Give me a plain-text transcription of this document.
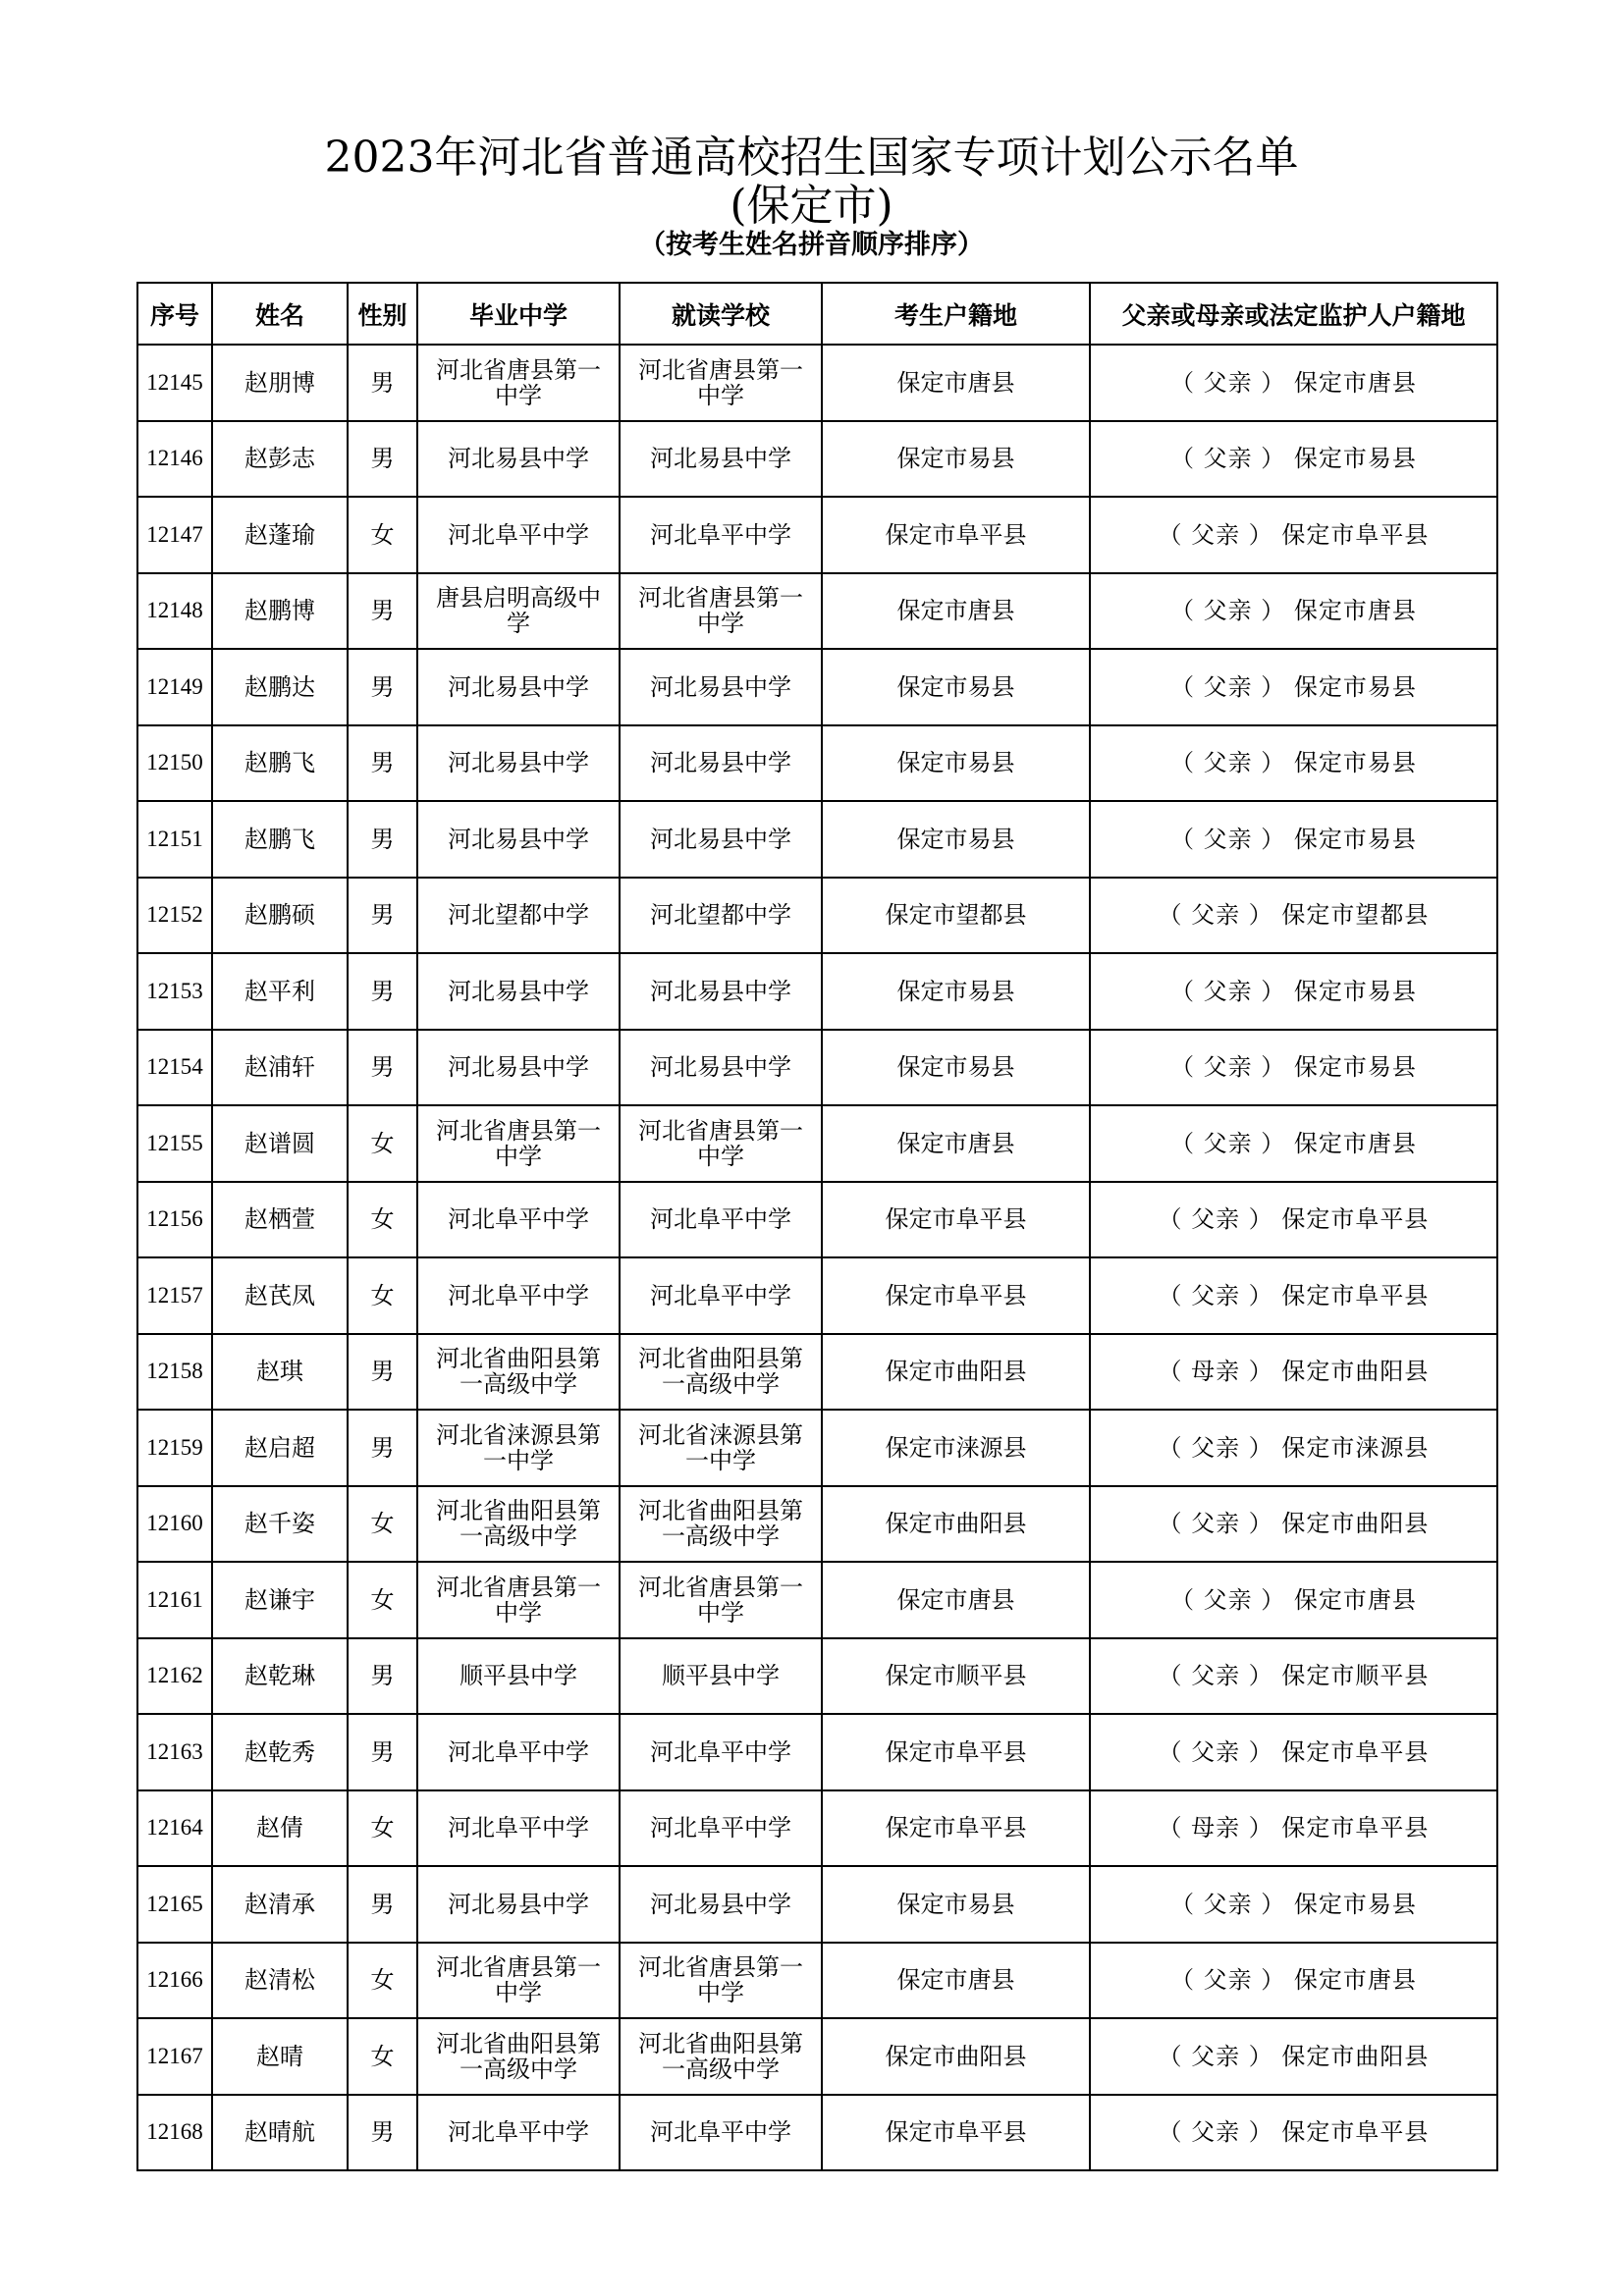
2023年河北省普通高校招生国家专项计划公示名单
(保定市)
（按考生姓名拼音顺序排序）
序号	姓名	性别	毕业中学	就读学校	考生户籍地	父亲或母亲或法定监护人户籍地
12145	赵朋博	男	河北省唐县第一中学	河北省唐县第一中学	保定市唐县	（ 父亲 ） 保定市唐县
12146	赵彭志	男	河北易县中学	河北易县中学	保定市易县	（ 父亲 ） 保定市易县
12147	赵蓬瑜	女	河北阜平中学	河北阜平中学	保定市阜平县	（ 父亲 ） 保定市阜平县
12148	赵鹏博	男	唐县启明高级中学	河北省唐县第一中学	保定市唐县	（ 父亲 ） 保定市唐县
12149	赵鹏达	男	河北易县中学	河北易县中学	保定市易县	（ 父亲 ） 保定市易县
12150	赵鹏飞	男	河北易县中学	河北易县中学	保定市易县	（ 父亲 ） 保定市易县
12151	赵鹏飞	男	河北易县中学	河北易县中学	保定市易县	（ 父亲 ） 保定市易县
12152	赵鹏硕	男	河北望都中学	河北望都中学	保定市望都县	（ 父亲 ） 保定市望都县
12153	赵平利	男	河北易县中学	河北易县中学	保定市易县	（ 父亲 ） 保定市易县
12154	赵浦轩	男	河北易县中学	河北易县中学	保定市易县	（ 父亲 ） 保定市易县
12155	赵谱圆	女	河北省唐县第一中学	河北省唐县第一中学	保定市唐县	（ 父亲 ） 保定市唐县
12156	赵栖萱	女	河北阜平中学	河北阜平中学	保定市阜平县	（ 父亲 ） 保定市阜平县
12157	赵芪凤	女	河北阜平中学	河北阜平中学	保定市阜平县	（ 父亲 ） 保定市阜平县
12158	赵琪	男	河北省曲阳县第一高级中学	河北省曲阳县第一高级中学	保定市曲阳县	（ 母亲 ） 保定市曲阳县
12159	赵启超	男	河北省涞源县第一中学	河北省涞源县第一中学	保定市涞源县	（ 父亲 ） 保定市涞源县
12160	赵千姿	女	河北省曲阳县第一高级中学	河北省曲阳县第一高级中学	保定市曲阳县	（ 父亲 ） 保定市曲阳县
12161	赵谦宇	女	河北省唐县第一中学	河北省唐县第一中学	保定市唐县	（ 父亲 ） 保定市唐县
12162	赵乾琳	男	顺平县中学	顺平县中学	保定市顺平县	（ 父亲 ） 保定市顺平县
12163	赵乾秀	男	河北阜平中学	河北阜平中学	保定市阜平县	（ 父亲 ） 保定市阜平县
12164	赵倩	女	河北阜平中学	河北阜平中学	保定市阜平县	（ 母亲 ） 保定市阜平县
12165	赵清承	男	河北易县中学	河北易县中学	保定市易县	（ 父亲 ） 保定市易县
12166	赵清松	女	河北省唐县第一中学	河北省唐县第一中学	保定市唐县	（ 父亲 ） 保定市唐县
12167	赵晴	女	河北省曲阳县第一高级中学	河北省曲阳县第一高级中学	保定市曲阳县	（ 父亲 ） 保定市曲阳县
12168	赵晴航	男	河北阜平中学	河北阜平中学	保定市阜平县	（ 父亲 ） 保定市阜平县
